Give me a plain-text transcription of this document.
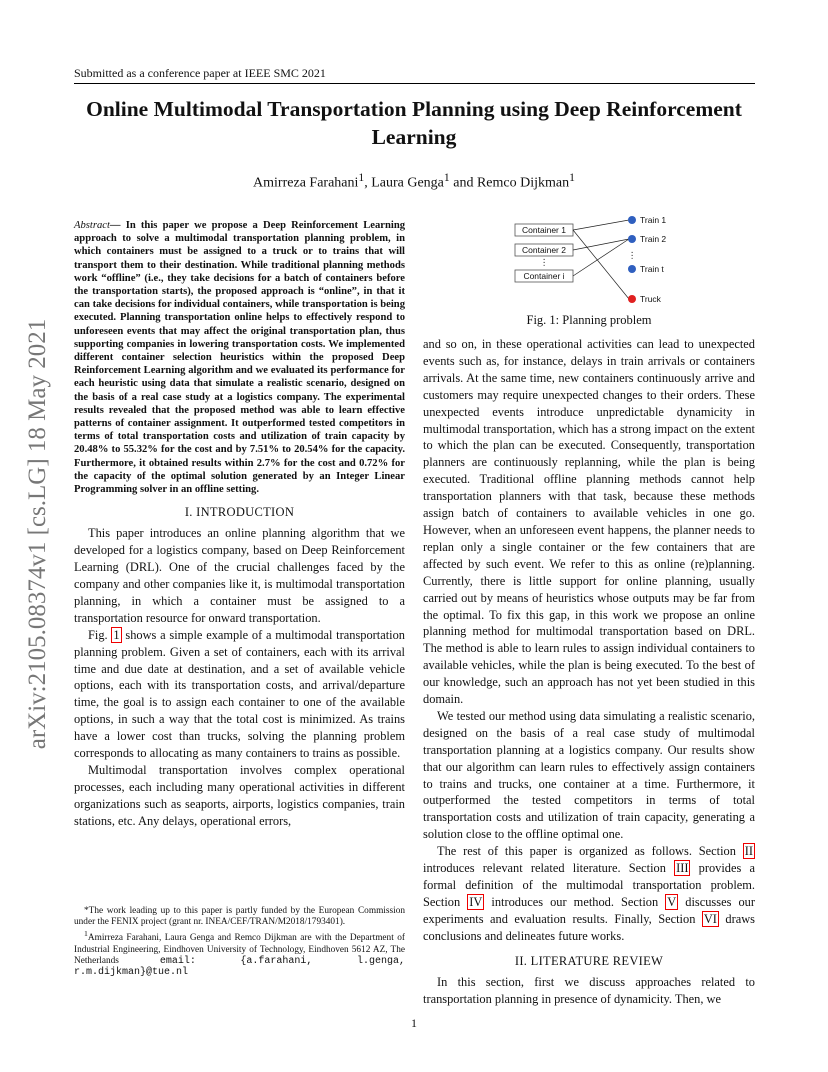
Submitted as a conference paper at IEEE SMC 2021
Online Multimodal Transportation Planning using Deep Reinforcement Learning
Amirreza Farahani$^1$, Laura Genga$^1$ and Remco Dijkman$^1$
arXiv:2105.08374v1 [cs.LG] 18 May 2021
Abstract— In this paper we propose a Deep Reinforcement Learning approach to solve a multimodal transportation planning problem, in which containers must be assigned to a truck or to trains that will transport them to their destination. While traditional planning methods work “offline” (i.e., they take decisions for a batch of containers before the transportation starts), the proposed approach is “online”, in that it can take decisions for individual containers, while transportation is being executed. Planning transportation online helps to effectively respond to unforeseen events that may affect the original transportation plan, thus supporting companies in lowering transportation costs. We implemented different container selection heuristics within the proposed Deep Reinforcement Learning algorithm and we evaluated its performance for each heuristic using data that simulate a realistic scenario, designed on the basis of a real case study at a logistics company. The experimental results revealed that the proposed method was able to learn effective patterns of container assignment. It outperformed tested competitors in terms of total transportation costs and utilization of train capacity by 20.48% to 55.32% for the cost and by 7.51% to 20.54% for the capacity. Furthermore, it obtained results within 2.7% for the cost and 0.72% for the capacity of the optimal solution generated by an Integer Linear Programming solver in an offline setting.
I. INTRODUCTION

This paper introduces an online planning algorithm that we developed for a logistics company, based on Deep Reinforcement Learning (DRL). One of the crucial challenges faced by the company and other companies like it, is multimodal transportation planning, in which a container must be assigned to a transportation resource for onward transportation.

Fig. 1 shows a simple example of a multimodal transportation planning problem. Given a set of containers, each with its arrival time and due date at destination, and a set of available vehicle options, each with its transportation costs, and arrival/departure time, the goal is to assign each container to one of the available options, in such a way that the total cost is minimized. As trains have a lower cost than trucks, solving the planning problem corresponds to allocating as many containers to trains as possible.

Multimodal transportation involves complex operational processes, each including many operational activities in different organizations such as seaports, airports, logistics companies, train stations, etc. Any delays, operational errors,

*The work leading up to this paper is partly funded by the European Commission under the FENIX project (grant nr. INEA/CEF/TRAN/M2018/1793401).

$^1$Amirreza Farahani, Laura Genga and Remco Dijkman are with the Department of Industrial Engineering, Eindhoven University of Technology, Eindhoven 5612 AZ, The Netherlands email: {a.farahani, l.genga, r.m.dijkman}@tue.nl

Container 1
Container 2
⋮
Container i
Train 1
Train 2
⋮
Train t
Truck
Fig. 1: Planning problem

and so on, in these operational activities can lead to unexpected events such as, for instance, delays in train arrivals or containers arrivals. At the same time, new containers continuously arrive and customers may require unexpected changes to their orders. These unexpected events introduce unpredictable dynamicity in multimodal transportation, which has a strong impact on the extent to which the plan can be executed. Consequently, transportation planners are continuously replanning, while the plan is being executed. Traditional offline planning methods cannot help transportation planners with that task, because these methods assign batch of containers to available vehicles in one go. However, when an unforeseen event happens, the planner needs to replan only a single container or the few containers that are affected by such event. We refer to this as online (re)planning. Currently, there is little support for online planning, usually carried out by means of heuristics whose outputs may be far from the optimal. To fix this gap, in this work we propose an online planning method for multimodal transportation based on DRL. The method is able to learn rules to assign individual containers to available vehicles, while the plan is being executed. To the best of our knowledge, such an approach has not yet been studied in this domain.

We tested our method using data simulating a realistic scenario, designed on the basis of a real case study of multimodal transportation planning at a logistics company. Our results show that our algorithm can learn rules to effectively assign containers to trains and trucks, one container at a time. Furthermore, it outperformed the tested competitors in terms of total transportation costs and utilization of train capacity, generating a solution close to the offline optimal one.

The rest of this paper is organized as follows. Section II introduces relevant related literature. Section III provides a formal definition of the multimodal transportation problem. Section IV introduces our method. Section V discusses our experiments and evaluation results. Finally, Section VI draws conclusions and delineates future works.

II. LITERATURE REVIEW

In this section, first we discuss approaches related to transportation planning in presence of dynamicity. Then, we

1
